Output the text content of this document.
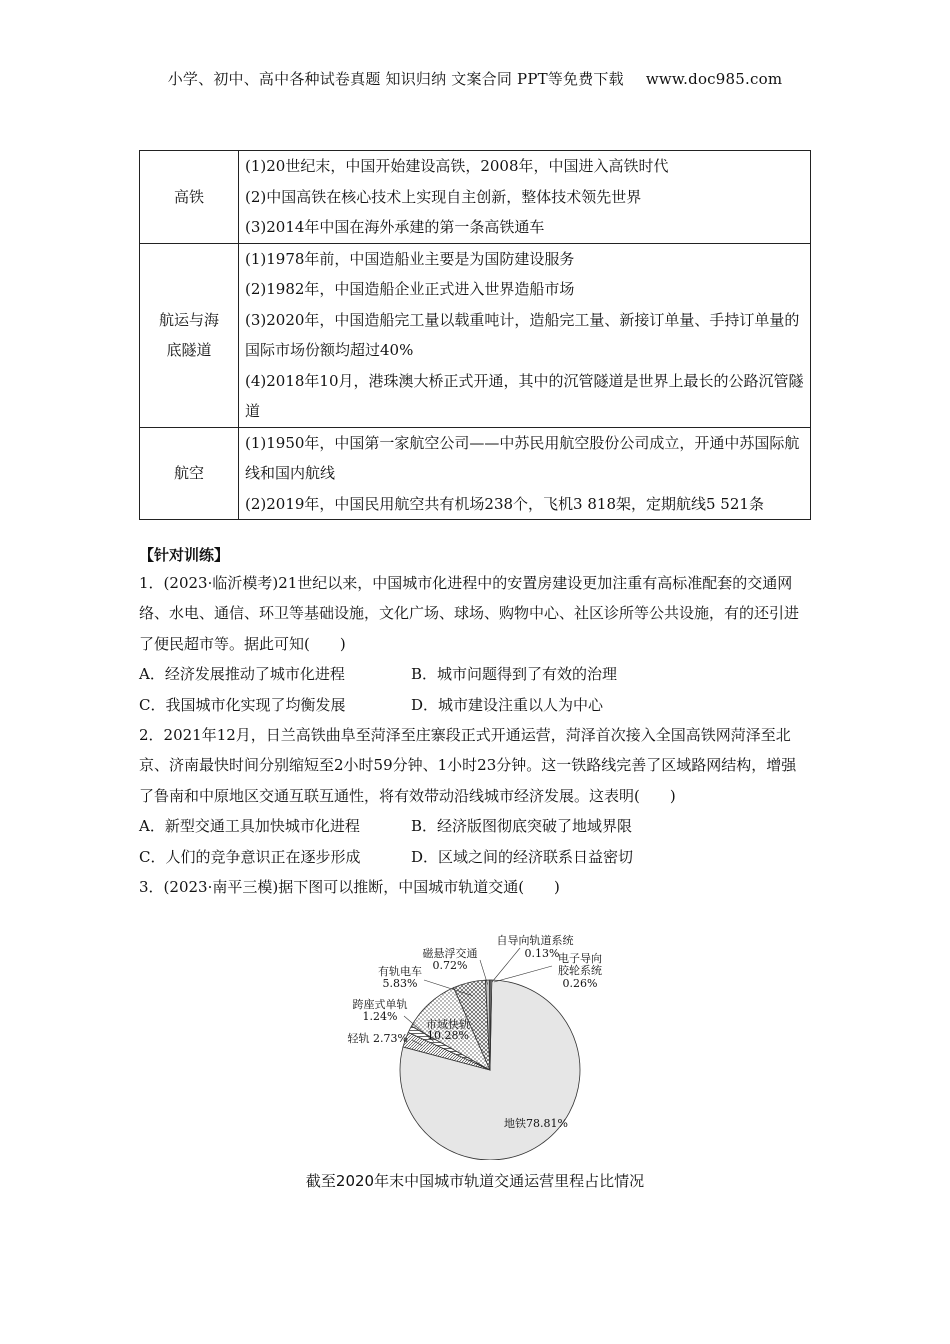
小学、初中、高中各种试卷真题 知识归纳 文案合同 PPT等免费下载 www.doc985.com
高铁	(1)20世纪末，中国开始建设高铁，2008年，中国进入高铁时代
(2)中国高铁在核心技术上实现自主创新，整体技术领先世界
(3)2014年中国在海外承建的第一条高铁通车

航运与海底隧道	(1)1978年前，中国造船业主要是为国防建设服务
(2)1982年，中国造船企业正式进入世界造船市场
(3)2020年，中国造船完工量以载重吨计，造船完工量、新接订单量、手持订单量的国际市场份额均超过40%
(4)2018年10月，港珠澳大桥正式开通，其中的沉管隧道是世界上最长的公路沉管隧道

航空	(1)1950年，中国第一家航空公司——中苏民用航空股份公司成立，开通中苏国际航线和国内航线
(2)2019年，中国民用航空共有机场238个，飞机3 818架，定期航线5 521条
【针对训练】
1．(2023·临沂模考)21世纪以来，中国城市化进程中的安置房建设更加注重有高标准配套的交通网络、水电、通信、环卫等基础设施，文化广场、球场、购物中心、社区诊所等公共设施，有的还引进了便民超市等。据此可知(　　)
A．经济发展推动了城市化进程	B．城市问题得到了有效的治理
C．我国城市化实现了均衡发展	D．城市建设注重以人为中心
2．2021年12月，日兰高铁曲阜至菏泽至庄寨段正式开通运营，菏泽首次接入全国高铁网菏泽至北京、济南最快时间分别缩短至2小时59分钟、1小时23分钟。这一铁路线完善了区域路网结构，增强了鲁南和中原地区交通互联互通性，将有效带动沿线城市经济发展。这表明(　　)
A．新型交通工具加快城市化进程	B．经济版图彻底突破了地域界限
C．人们的竞争意识正在逐步形成	D．区域之间的经济联系日益密切
3．(2023·南平三模)据下图可以推断，中国城市轨道交通(　　)
地铁78.81%
轻轨 2.73%
跨座式单轨
1.24%
市域快轨
10.28%
有轨电车
5.83%
磁悬浮交通
0.72%
自导向轨道系统
0.13%
电子导向
胶轮系统
0.26%
截至2020年末中国城市轨道交通运营里程占比情况
